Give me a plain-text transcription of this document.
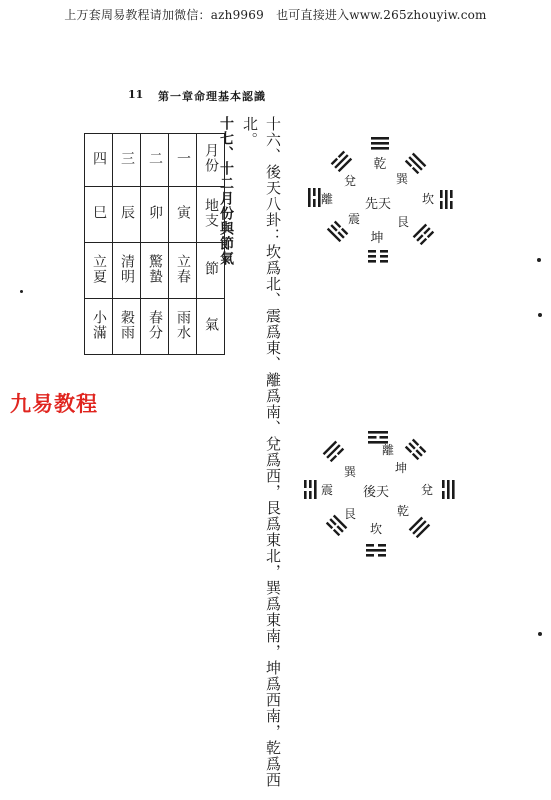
上万套周易教程请加微信：azh9969　也可直接进入www.265zhouyiw.com
11 第一章命理基本認識
十六、後天八卦：坎爲北、震爲東、離爲南、兌爲西，艮爲東北，巽爲東南，坤爲西南，乾爲西
北。
十七、十二月份與節氣
四	三	二	一	月份
巳	辰	卯	寅	地支
立夏	清明	驚蟄	立春	節
小滿	穀雨	春分	雨水	氣
九易教程
乾
巽
坎
艮
坤
震
離
兌
先天
離
坤
兌
乾
坎
艮
震
巽
後天
